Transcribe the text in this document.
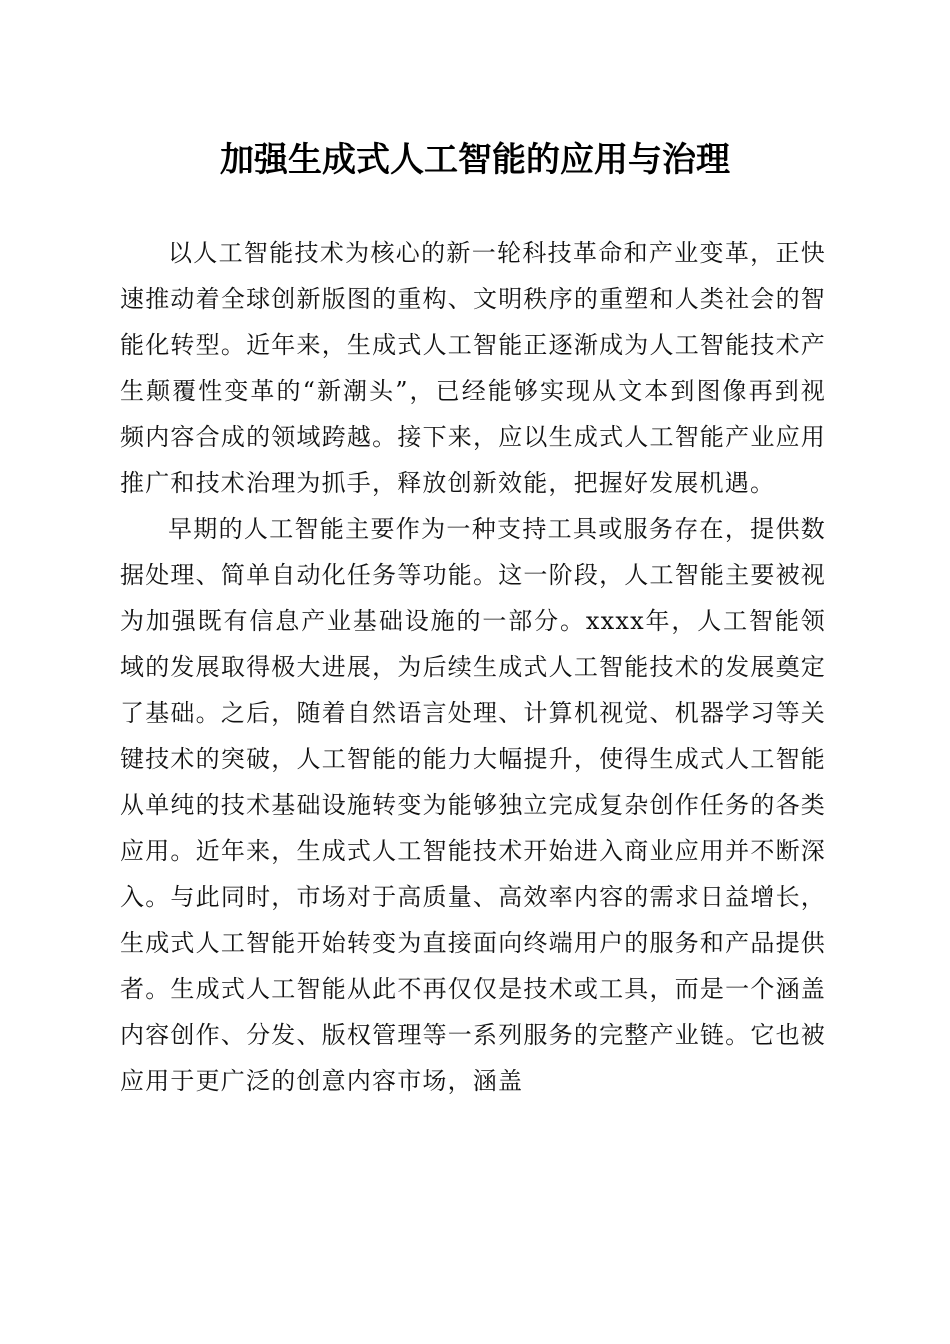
加强生成式人工智能的应用与治理

以人工智能技术为核心的新一轮科技革命和产业变革，正快速推动着全球创新版图的重构、文明秩序的重塑和人类社会的智能化转型。近年来，生成式人工智能正逐渐成为人工智能技术产生颠覆性变革的“新潮头”，已经能够实现从文本到图像再到视频内容合成的领域跨越。接下来，应以生成式人工智能产业应用推广和技术治理为抓手，释放创新效能，把握好发展机遇。

早期的人工智能主要作为一种支持工具或服务存在，提供数据处理、简单自动化任务等功能。这一阶段，人工智能主要被视为加强既有信息产业基础设施的一部分。xxxx年，人工智能领域的发展取得极大进展，为后续生成式人工智能技术的发展奠定了基础。之后，随着自然语言处理、计算机视觉、机器学习等关键技术的突破，人工智能的能力大幅提升，使得生成式人工智能从单纯的技术基础设施转变为能够独立完成复杂创作任务的各类应用。近年来，生成式人工智能技术开始进入商业应用并不断深入。与此同时，市场对于高质量、高效率内容的需求日益增长，生成式人工智能开始转变为直接面向终端用户的服务和产品提供者。生成式人工智能从此不再仅仅是技术或工具，而是一个涵盖内容创作、分发、版权管理等一系列服务的完整产业链。它也被应用于更广泛的创意内容市场，涵盖
